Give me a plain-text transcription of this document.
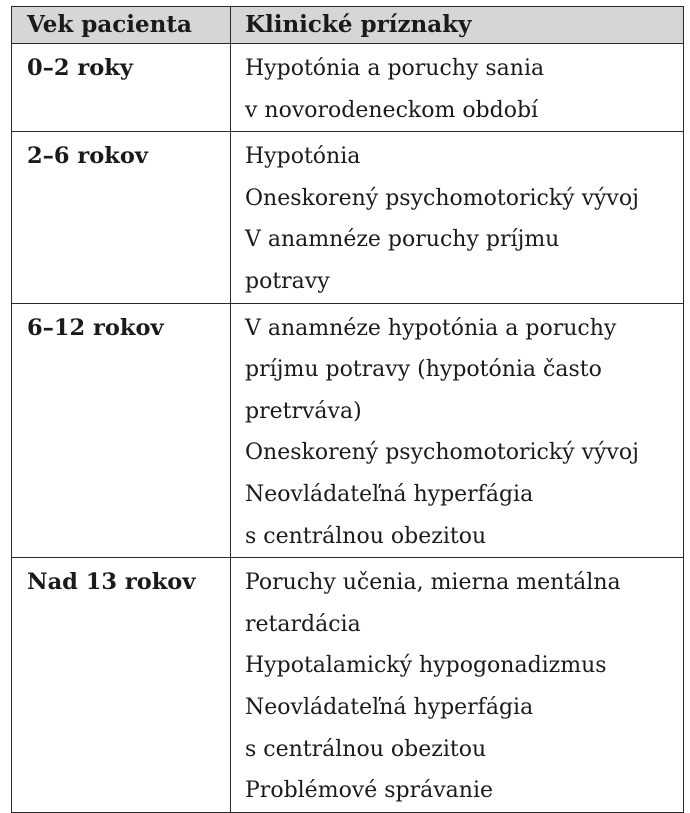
Vek pacienta	Klinické príznaky
0–2 roky	Hypotónia a poruchy sania
v novorodeneckom období
2–6 rokov	Hypotónia
Oneskorený psychomotorický vývoj
V anamnéze poruchy príjmu
potravy
6–12 rokov	V anamnéze hypotónia a poruchy
príjmu potravy (hypotónia často
pretrváva)
Oneskorený psychomotorický vývoj
Neovládateľná hyperfágia
s centrálnou obezitou
Nad 13 rokov	Poruchy učenia, mierna mentálna
retardácia
Hypotalamický hypogonadizmus
Neovládateľná hyperfágia
s centrálnou obezitou
Problémové správanie
